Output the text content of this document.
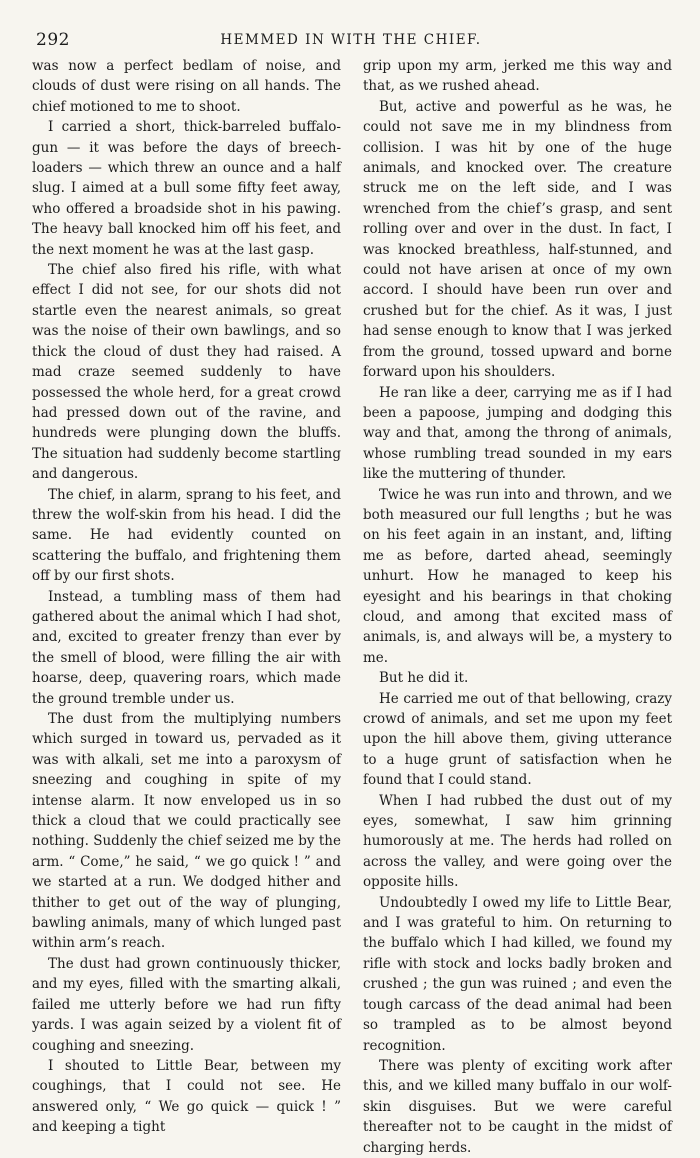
292	HEMMED IN WITH THE CHIEF.

was now a perfect bedlam of noise, and clouds of dust were rising on all hands. The chief motioned to me to shoot.

I carried a short, thick-barreled buffalo-gun — it was before the days of breech-loaders — which threw an ounce and a half slug. I aimed at a bull some fifty feet away, who offered a broadside shot in his pawing. The heavy ball knocked him off his feet, and the next moment he was at the last gasp.

The chief also fired his rifle, with what effect I did not see, for our shots did not startle even the nearest animals, so great was the noise of their own bawlings, and so thick the cloud of dust they had raised. A mad craze seemed suddenly to have possessed the whole herd, for a great crowd had pressed down out of the ravine, and hundreds were plunging down the bluffs. The situation had suddenly become startling and dangerous.

The chief, in alarm, sprang to his feet, and threw the wolf-skin from his head. I did the same. He had evidently counted on scattering the buffalo, and frightening them off by our first shots.

Instead, a tumbling mass of them had gathered about the animal which I had shot, and, excited to greater frenzy than ever by the smell of blood, were filling the air with hoarse, deep, quavering roars, which made the ground tremble under us.

The dust from the multiplying numbers which surged in toward us, pervaded as it was with alkali, set me into a paroxysm of sneezing and coughing in spite of my intense alarm. It now enveloped us in so thick a cloud that we could practically see nothing. Suddenly the chief seized me by the arm. “ Come,” he said, “ we go quick ! ” and we started at a run. We dodged hither and thither to get out of the way of plunging, bawling animals, many of which lunged past within arm’s reach.

The dust had grown continuously thicker, and my eyes, filled with the smarting alkali, failed me utterly before we had run fifty yards. I was again seized by a violent fit of coughing and sneezing.

I shouted to Little Bear, between my coughings, that I could not see. He answered only, “ We go quick — quick ! ” and keeping a tight

grip upon my arm, jerked me this way and that, as we rushed ahead.

But, active and powerful as he was, he could not save me in my blindness from collision. I was hit by one of the huge animals, and knocked over. The creature struck me on the left side, and I was wrenched from the chief’s grasp, and sent rolling over and over in the dust. In fact, I was knocked breathless, half-stunned, and could not have arisen at once of my own accord. I should have been run over and crushed but for the chief. As it was, I just had sense enough to know that I was jerked from the ground, tossed upward and borne forward upon his shoulders.

He ran like a deer, carrying me as if I had been a papoose, jumping and dodging this way and that, among the throng of animals, whose rumbling tread sounded in my ears like the muttering of thunder.

Twice he was run into and thrown, and we both measured our full lengths ; but he was on his feet again in an instant, and, lifting me as before, darted ahead, seemingly unhurt. How he managed to keep his eyesight and his bearings in that choking cloud, and among that excited mass of animals, is, and always will be, a mystery to me.

But he did it.

He carried me out of that bellowing, crazy crowd of animals, and set me upon my feet upon the hill above them, giving utterance to a huge grunt of satisfaction when he found that I could stand.

When I had rubbed the dust out of my eyes, somewhat, I saw him grinning humorously at me. The herds had rolled on across the valley, and were going over the opposite hills.

Undoubtedly I owed my life to Little Bear, and I was grateful to him. On returning to the buffalo which I had killed, we found my rifle with stock and locks badly broken and crushed ; the gun was ruined ; and even the tough carcass of the dead animal had been so trampled as to be almost beyond recognition.

There was plenty of exciting work after this, and we killed many buffalo in our wolf-skin disguises. But we were careful thereafter not to be caught in the midst of charging herds.
